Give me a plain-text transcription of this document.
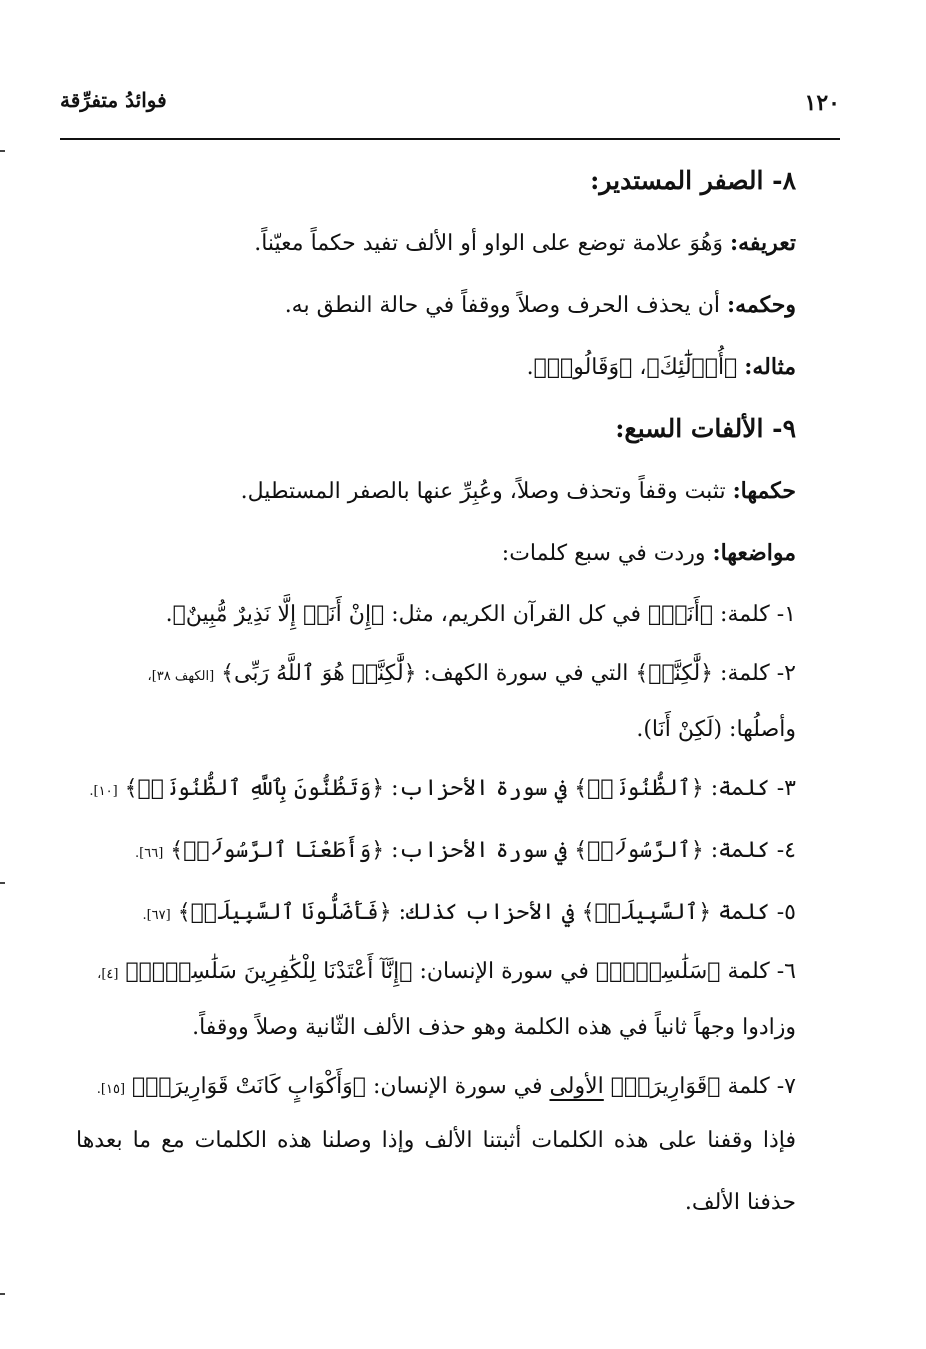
١٢٠
فوائدُ متفرِّقة
٨- الصفر المستدير:
تعريفه: وَهُوَ علامة توضع على الواو أو الألف تفيد حكماً معيّناً.
وحكمه: أن يحذف الحرف وصلاً ووقفاً في حالة النطق به.
مثاله: ﴿أُو۟لَٰٓئِكَ﴾، ﴿وَقَالُوا۟﴾.
٩- الألفات السبع:
حكمها: تثبت وقفاً وتحذف وصلاً، وعُبِرِّ عنها بالصفر المستطيل.
مواضعها: وردت في سبع كلمات:
١- كلمة: ﴿أَنَا۠﴾ في كل القرآن الكريم، مثل: ﴿إِنْ أَنَا۠ إِلَّا نَذِيرٌ مُّبِينٌ﴾.
٢- كلمة: ﴿لَّٰكِنَّا۠﴾ التي في سورة الكهف: ﴿لَّٰكِنَّا۠ هُوَ ٱللَّهُ رَبِّى﴾ [الكهف ٣٨]،
وأصلُها: (لَكِنْ أَنَا).
٣- كلمة: ﴿ٱلظُّنُونَا۠﴾ في سورة الأحزاب: ﴿وَتَظُنُّونَ بِٱللَّهِ ٱلظُّنُونَا۠﴾ [١٠].
٤- كلمة: ﴿ٱلرَّسُولَا۠﴾ في سورة الأحزاب: ﴿وَأَطَعْنَا ٱلرَّسُولَا۠﴾ [٦٦].
٥- كلمة ﴿ٱلسَّبِيلَا۠﴾ في الأحزاب كذلك: ﴿فَأَضَلُّونَا ٱلسَّبِيلَا۠﴾ [٦٧].
٦- كلمة ﴿سَلَٰسِلَا۠﴾ في سورة الإنسان: ﴿إِنَّآ أَعْتَدْنَا لِلْكَٰفِرِينَ سَلَٰسِلَا۠﴾ [٤]،
وزادوا وجهاً ثانياً في هذه الكلمة وهو حذف الألف الثّانية وصلاً ووقفاً.
٧- كلمة ﴿قَوَارِيرَا۠﴾ الأولى في سورة الإنسان: ﴿وَأَكْوَابٍ كَانَتْ قَوَارِيرَا۠﴾ [١٥].
فإذا وقفنا على هذه الكلمات أثبتنا الألف وإذا وصلنا هذه الكلمات مع ما بعدها
حذفنا الألف.
